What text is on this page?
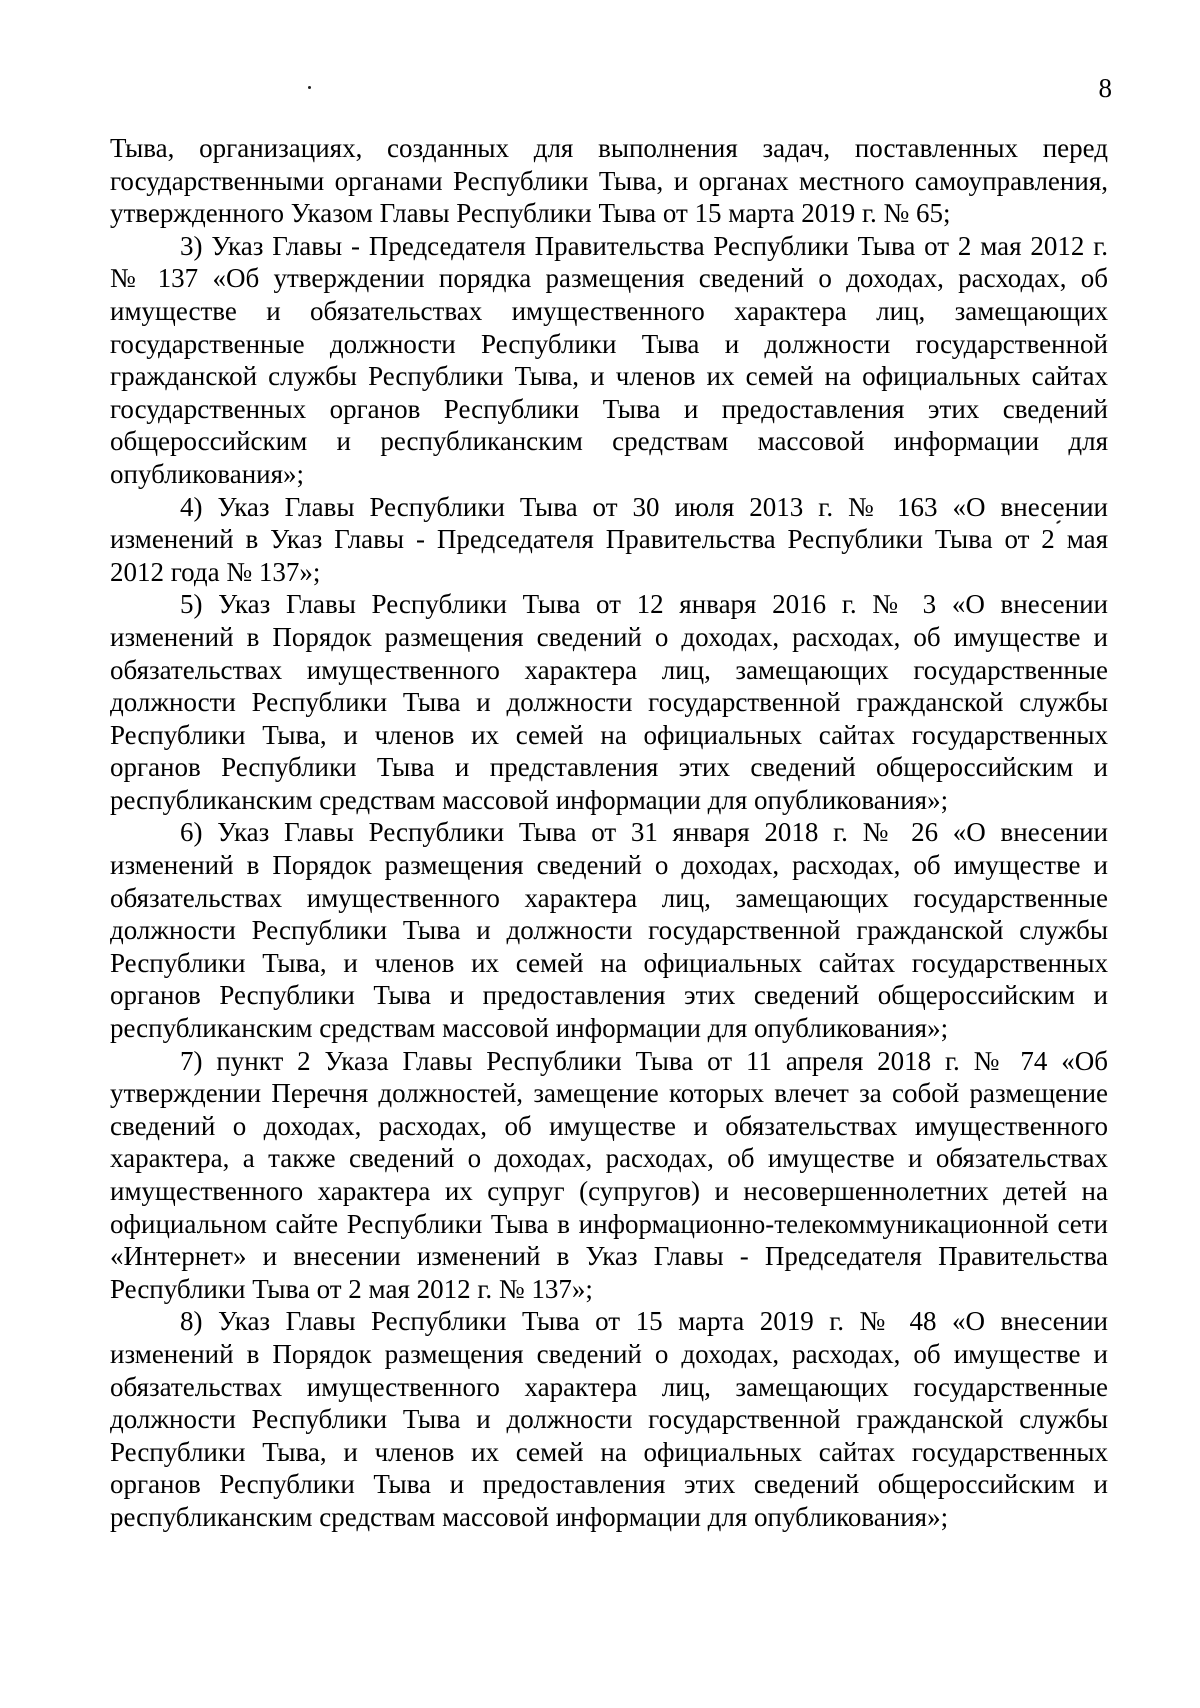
8

Тыва, организациях, созданных для выполнения задач, поставленных перед государственными органами Республики Тыва, и органах местного самоуправления, утвержденного Указом Главы Республики Тыва от 15 марта 2019 г. № 65;

3) Указ Главы - Председателя Правительства Республики Тыва от 2 мая 2012 г. № 137 «Об утверждении порядка размещения сведений о доходах, расходах, об имуществе и обязательствах имущественного характера лиц, замещающих государственные должности Республики Тыва и должности государственной гражданской службы Республики Тыва, и членов их семей на официальных сайтах государственных органов Республики Тыва и предоставления этих сведений общероссийским и республиканским средствам массовой информации для опубликования»;

4) Указ Главы Республики Тыва от 30 июля 2013 г. № 163 «О внесении изменений в Указ Главы - Председателя Правительства Республики Тыва от 2 мая 2012 года № 137»;

5) Указ Главы Республики Тыва от 12 января 2016 г. № 3 «О внесении изменений в Порядок размещения сведений о доходах, расходах, об имуществе и обязательствах имущественного характера лиц, замещающих государственные должности Республики Тыва и должности государственной гражданской службы Республики Тыва, и членов их семей на официальных сайтах государственных органов Республики Тыва и представления этих сведений общероссийским и республиканским средствам массовой информации для опубликования»;

6) Указ Главы Республики Тыва от 31 января 2018 г. № 26 «О внесении изменений в Порядок размещения сведений о доходах, расходах, об имуществе и обязательствах имущественного характера лиц, замещающих государственные должности Республики Тыва и должности государственной гражданской службы Республики Тыва, и членов их семей на официальных сайтах государственных органов Республики Тыва и предоставления этих сведений общероссийским и республиканским средствам массовой информации для опубликования»;

7) пункт 2 Указа Главы Республики Тыва от 11 апреля 2018 г. № 74 «Об утверждении Перечня должностей, замещение которых влечет за собой размещение сведений о доходах, расходах, об имуществе и обязательствах имущественного характера, а также сведений о доходах, расходах, об имуществе и обязательствах имущественного характера их супруг (супругов) и несовершеннолетних детей на официальном сайте Республики Тыва в информационно-телекоммуникационной сети «Интернет» и внесении изменений в Указ Главы - Председателя Правительства Республики Тыва от 2 мая 2012 г. № 137»;

8) Указ Главы Республики Тыва от 15 марта 2019 г. № 48 «О внесении изменений в Порядок размещения сведений о доходах, расходах, об имуществе и обязательствах имущественного характера лиц, замещающих государственные должности Республики Тыва и должности государственной гражданской службы Республики Тыва, и членов их семей на официальных сайтах государственных органов Республики Тыва и предоставления этих сведений общероссийским и республиканским средствам массовой информации для опубликования»;
